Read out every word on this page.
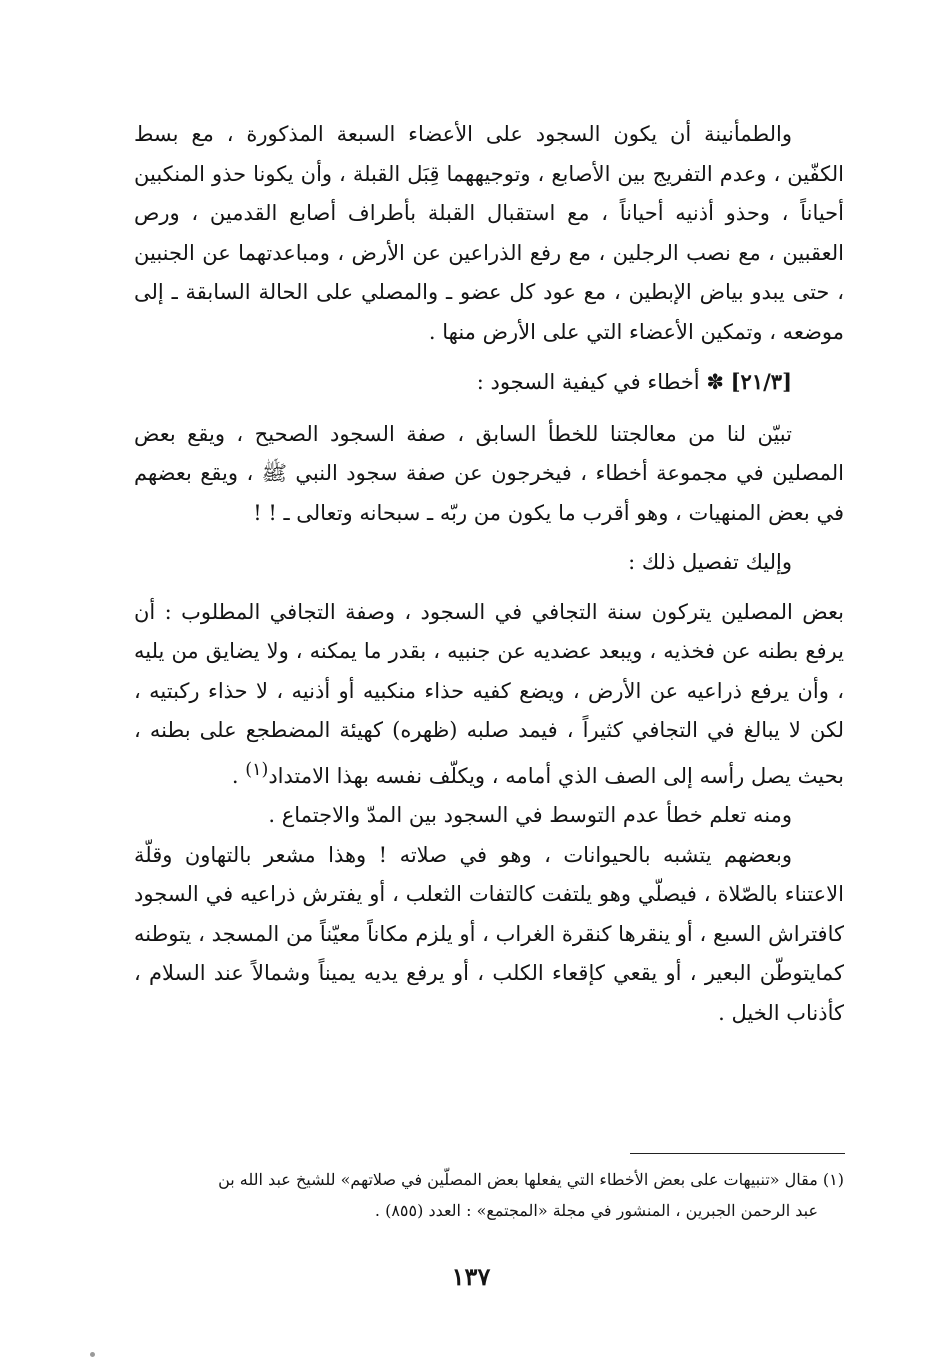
والطمأنينة أن يكون السجود على الأعضاء السبعة المذكورة ، مع بسط الكفّين ، وعدم التفريج بين الأصابع ، وتوجيههما قِبَل القبلة ، وأن يكونا حذو المنكبين أحياناً ، وحذو أذنيه أحياناً ، مع استقبال القبلة بأطراف أصابع القدمين ، ورص العقبين ، مع نصب الرجلين ، مع رفع الذراعين عن الأرض ، ومباعدتهما عن الجنبين ، حتى يبدو بياض الإبطين ، مع عود كل عضو ـ والمصلي على الحالة السابقة ـ إلى موضعه ، وتمكين الأعضاء التي على الأرض منها .

[٢١/٣] ✽ أخطاء في كيفية السجود :

تبيّن لنا من معالجتنا للخطأ السابق ، صفة السجود الصحيح ، ويقع بعض المصلين في مجموعة أخطاء ، فيخرجون عن صفة سجود النبي ﷺ ، ويقع بعضهم في بعض المنهيات ، وهو أقرب ما يكون من ربّه ـ سبحانه وتعالى ـ ! !

وإليك تفصيل ذلك :

بعض المصلين يتركون سنة التجافي في السجود ، وصفة التجافي المطلوب : أن يرفع بطنه عن فخذيه ، ويبعد عضديه عن جنبيه ، بقدر ما يمكنه ، ولا يضايق من يليه ، وأن يرفع ذراعيه عن الأرض ، ويضع كفيه حذاء منكبيه أو أذنيه ، لا حذاء ركبتيه ، لكن لا يبالغ في التجافي كثيراً ، فيمد صلبه (ظهره) كهيئة المضطجع على بطنه ، بحيث يصل رأسه إلى الصف الذي أمامه ، ويكلّف نفسه بهذا الامتداد$^{(١)}$ .

ومنه تعلم خطأ عدم التوسط في السجود بين المدّ والاجتماع .

وبعضهم يتشبه بالحيوانات ، وهو في صلاته ! وهذا مشعر بالتهاون وقلّة الاعتناء بالصّلاة ، فيصلّي وهو يلتفت كالتفات الثعلب ، أو يفترش ذراعيه في السجود كافتراش السبع ، أو ينقرها كنقرة الغراب ، أو يلزم مكاناً معيّناً من المسجد ، يتوطنه كمايتوطّن البعير ، أو يقعي كإقعاء الكلب ، أو يرفع يديه يميناً وشمالاً عند السلام ، كأذناب الخيل .

(١) مقال «تنبيهات على بعض الأخطاء التي يفعلها بعض المصلّين في صلاتهم» للشيخ عبد الله بن

عبد الرحمن الجبرين ، المنشور في مجلة «المجتمع» : العدد (٨٥٥) .

١٣٧
